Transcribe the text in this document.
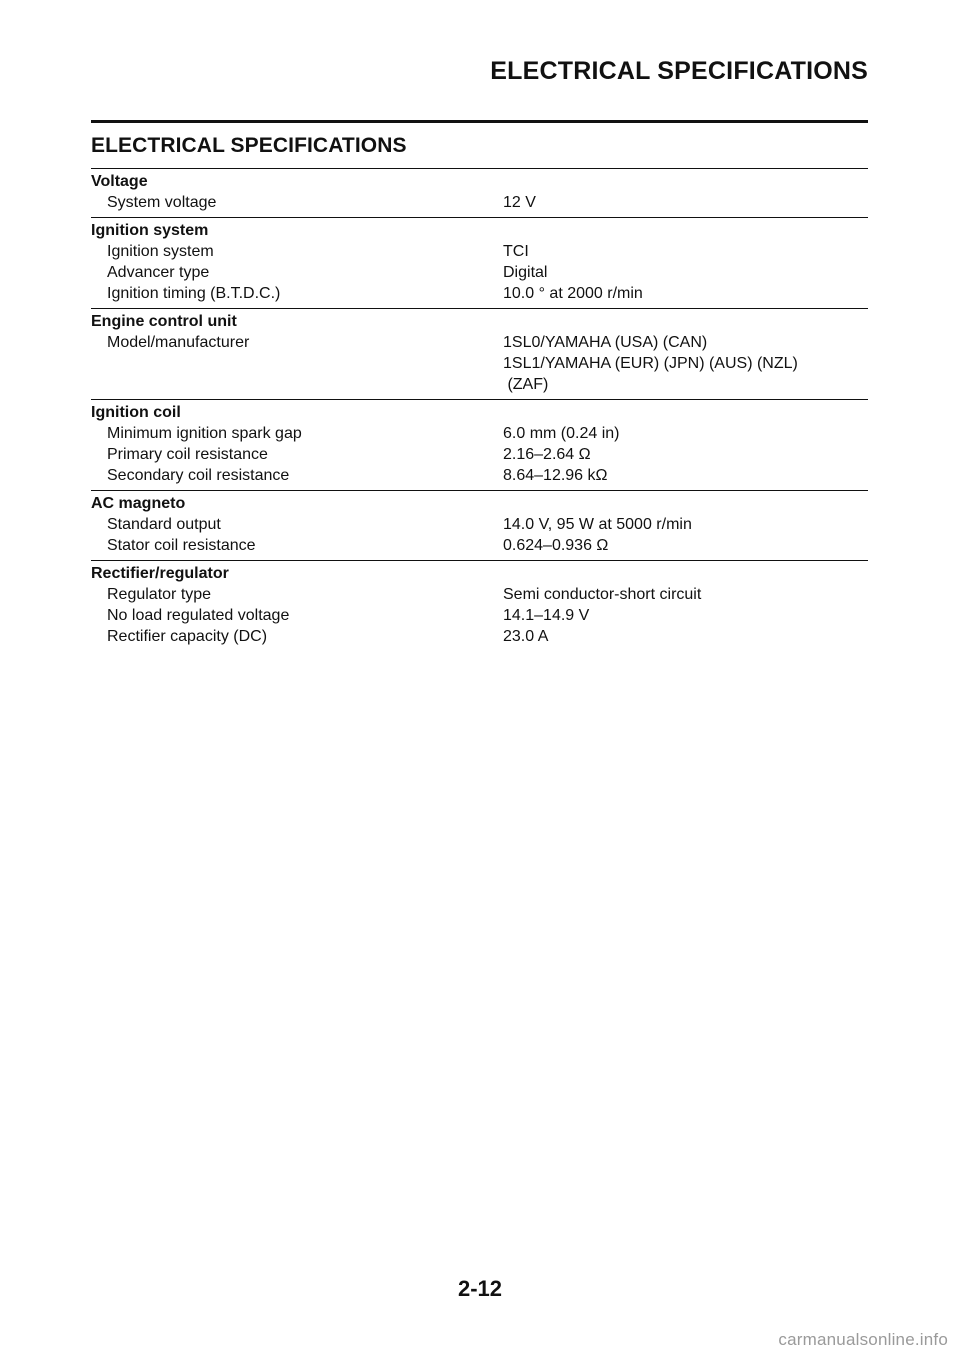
ELECTRICAL SPECIFICATIONS
ELECTRICAL SPECIFICATIONS
Voltage
System voltage	12 V
Ignition system
Ignition system	TCI
Advancer type	Digital
Ignition timing (B.T.D.C.)	10.0 ° at 2000 r/min
Engine control unit
Model/manufacturer	1SL0/YAMAHA (USA) (CAN)
1SL1/YAMAHA (EUR) (JPN) (AUS) (NZL)
(ZAF)
Ignition coil
Minimum ignition spark gap	6.0 mm (0.24 in)
Primary coil resistance	2.16–2.64 Ω
Secondary coil resistance	8.64–12.96 kΩ
AC magneto
Standard output	14.0 V, 95 W at 5000 r/min
Stator coil resistance	0.624–0.936 Ω
Rectifier/regulator
Regulator type	Semi conductor-short circuit
No load regulated voltage	14.1–14.9 V
Rectifier capacity (DC)	23.0 A
2-12
carmanualsonline.info
